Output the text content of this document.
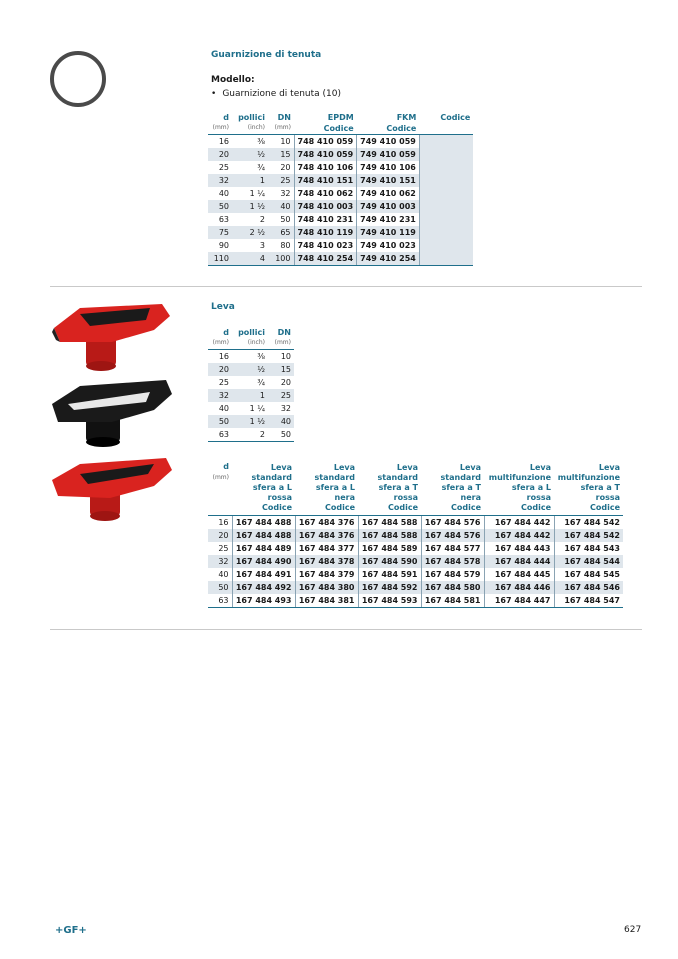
Guarnizione di tenuta
Modello:
• Guarnizione di tenuta (10)
d	pollici	DN	EPDM	FKM	Codice
(mm)	(inch)	(mm)	Codice	Codice	
16	⅜	10	748 410 059	749 410 059	
20	½	15	748 410 059	749 410 059	
25	¾	20	748 410 106	749 410 106	
32	1	25	748 410 151	749 410 151	
40	1 ¼	32	748 410 062	749 410 062	
50	1 ½	40	748 410 003	749 410 003	
63	2	50	748 410 231	749 410 231	
75	2 ½	65	748 410 119	749 410 119	
90	3	80	748 410 023	749 410 023	
110	4	100	748 410 254	749 410 254	
Leva
d	pollici	DN
(mm)	(inch)	(mm)
16	⅜	10
20	½	15
25	¾	20
32	1	25
40	1 ¼	32
50	1 ½	40
63	2	50
d
(mm)	Leva
standard
sfera a L
rossa
Codice	Leva
standard
sfera a L
nera
Codice	Leva
standard
sfera a T
rossa
Codice	Leva
standard
sfera a T
nera
Codice	Leva
multifunzione
sfera a L
rossa
Codice	Leva
multifunzione
sfera a T
rossa
Codice

16	167 484 488	167 484 376	167 484 588	167 484 576	167 484 442	167 484 542
20	167 484 488	167 484 376	167 484 588	167 484 576	167 484 442	167 484 542
25	167 484 489	167 484 377	167 484 589	167 484 577	167 484 443	167 484 543
32	167 484 490	167 484 378	167 484 590	167 484 578	167 484 444	167 484 544
40	167 484 491	167 484 379	167 484 591	167 484 579	167 484 445	167 484 545
50	167 484 492	167 484 380	167 484 592	167 484 580	167 484 446	167 484 546
63	167 484 493	167 484 381	167 484 593	167 484 581	167 484 447	167 484 547
+GF+	627
